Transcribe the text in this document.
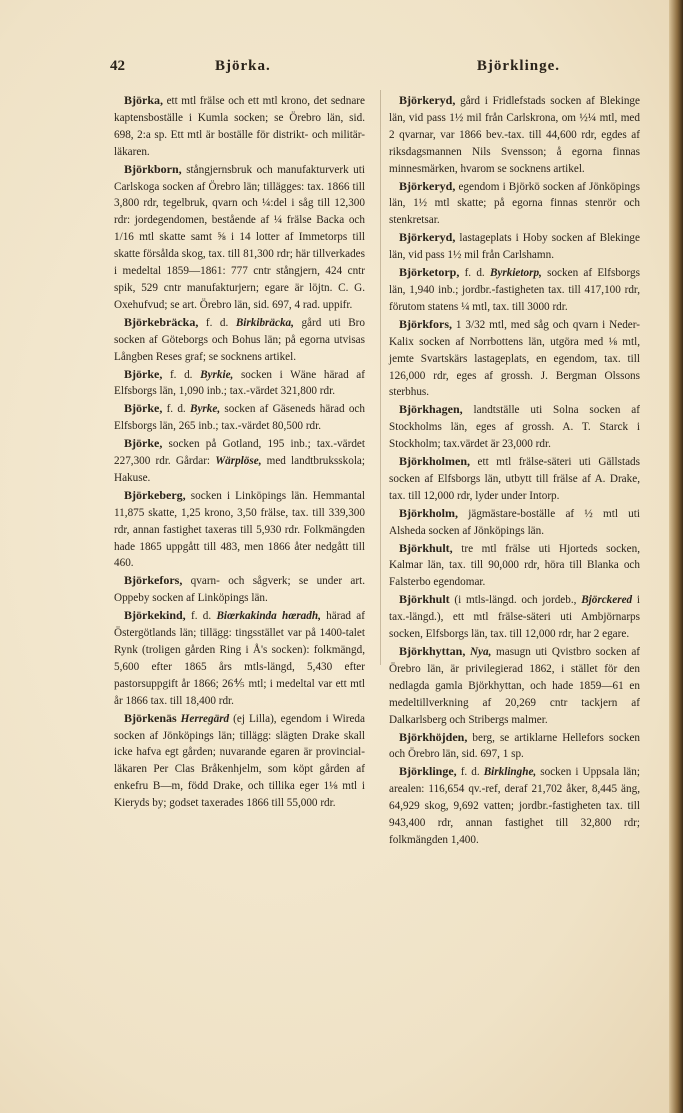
42	Björka.	Björklinge.

Björka, ett mtl frälse och ett mtl krono, det sednare kaptensboställe i Kumla socken; se Örebro län, sid. 698, 2:a sp. Ett mtl är boställe för distrikt- och militär-läkaren.

Björkborn, stångjernsbruk och manufakturverk uti Carlskoga socken af Örebro län; tillägges: tax. 1866 till 3,800 rdr, tegelbruk, qvarn och ¼:del i såg till 12,300 rdr: jordegendomen, bestående af ¼ frälse Backa och 1/16 mtl skatte samt ⅝ i 14 lotter af Immetorps till skatte försålda skog, tax. till 81,300 rdr; här tillverkades i medeltal 1859—1861: 777 cntr stångjern, 424 cntr spik, 529 cntr manufakturjern; egare är löjtn. C. G. Oxehufvud; se art. Örebro län, sid. 697, 4 rad. uppifr.

Björkebräcka, f. d. Birkibräcka, gård uti Bro socken af Göteborgs och Bohus län; på egorna utvisas Långben Reses graf; se socknens artikel.

Björke, f. d. Byrkie, socken i Wäne härad af Elfsborgs län, 1,090 inb.; tax.-värdet 321,800 rdr.

Björke, f. d. Byrke, socken af Gäseneds härad och Elfsborgs län, 265 inb.; tax.-värdet 80,500 rdr.

Björke, socken på Gotland, 195 inb.; tax.-värdet 227,300 rdr. Gårdar: Wärplöse, med landtbruksskola; Hakuse.

Björkeberg, socken i Linköpings län. Hemmantal 11,875 skatte, 1,25 krono, 3,50 frälse, tax. till 339,300 rdr, annan fastighet taxeras till 5,930 rdr. Folkmängden hade 1865 uppgått till 483, men 1866 åter nedgått till 460.

Björkefors, qvarn- och sågverk; se under art. Oppeby socken af Linköpings län.

Björkekind, f. d. Biœrkakinda hœradh, härad af Östergötlands län; tillägg: tingsstället var på 1400-talet Rynk (troligen gården Ring i Å's socken): folkmängd, 5,600 efter 1865 års mtls-längd, 5,430 efter pastorsuppgift år 1866; 26⅘ mtl; i medeltal var ett mtl år 1866 tax. till 18,400 rdr.

Björkenäs Herregärd (ej Lilla), egendom i Wireda socken af Jönköpings län; tillägg: slägten Drake skall icke hafva egt gården; nuvarande egaren är provincial-läkaren Per Clas Bråkenhjelm, som köpt gården af enkefru B—m, född Drake, och tillika eger 1⅛ mtl i Kieryds by; godset taxerades 1866 till 55,000 rdr.

Björkeryd, gård i Fridlefstads socken af Blekinge län, vid pass 1½ mil från Carlskrona, om ½¼ mtl, med 2 qvarnar, var 1866 bev.-tax. till 44,600 rdr, egdes af riksdagsmannen Nils Svensson; å egorna finnas minnesmärken, hvarom se socknens artikel.

Björkeryd, egendom i Björkö socken af Jönköpings län, 1½ mtl skatte; på egorna finnas stenrör och stenkretsar.

Björkeryd, lastageplats i Hoby socken af Blekinge län, vid pass 1½ mil från Carlshamn.

Björketorp, f. d. Byrkietorp, socken af Elfsborgs län, 1,940 inb.; jordbr.-fastigheten tax. till 417,100 rdr, förutom statens ¼ mtl, tax. till 3000 rdr.

Björkfors, 1 3/32 mtl, med såg och qvarn i Neder-Kalix socken af Norrbottens län, utgöra med ⅛ mtl, jemte Svartskärs lastageplats, en egendom, tax. till 126,000 rdr, eges af grossh. J. Bergman Olssons sterbhus.

Björkhagen, landtställe uti Solna socken af Stockholms län, eges af grossh. A. T. Starck i Stockholm; tax.värdet är 23,000 rdr.

Björkholmen, ett mtl frälse-säteri uti Gällstads socken af Elfsborgs län, utbytt till frälse af A. Drake, tax. till 12,000 rdr, lyder under Intorp.

Björkholm, jägmästare-boställe af ½ mtl uti Alsheda socken af Jönköpings län.

Björkhult, tre mtl frälse uti Hjorteds socken, Kalmar län, tax. till 90,000 rdr, höra till Blanka och Falsterbo egendomar.

Björkhult (i mtls-längd. och jordeb., Björckered i tax.-längd.), ett mtl frälse-säteri uti Ambjörnarps socken, Elfsborgs län, tax. till 12,000 rdr, har 2 egare.

Björkhyttan, Nya, masugn uti Qvistbro socken af Örebro län, är privilegierad 1862, i stället för den nedlagda gamla Björkhyttan, och hade 1859—61 en medeltillverkning af 20,269 cntr tackjern af Dalkarlsberg och Stribergs malmer.

Björkhöjden, berg, se artiklarne Hellefors socken och Örebro län, sid. 697, 1 sp.

Björklinge, f. d. Birklinghe, socken i Uppsala län; arealen: 116,654 qv.-ref, deraf 21,702 åker, 8,445 äng, 64,929 skog, 9,692 vatten; jordbr.-fastigheten tax. till 943,400 rdr, annan fastighet till 32,800 rdr; folkmängden 1,400.
